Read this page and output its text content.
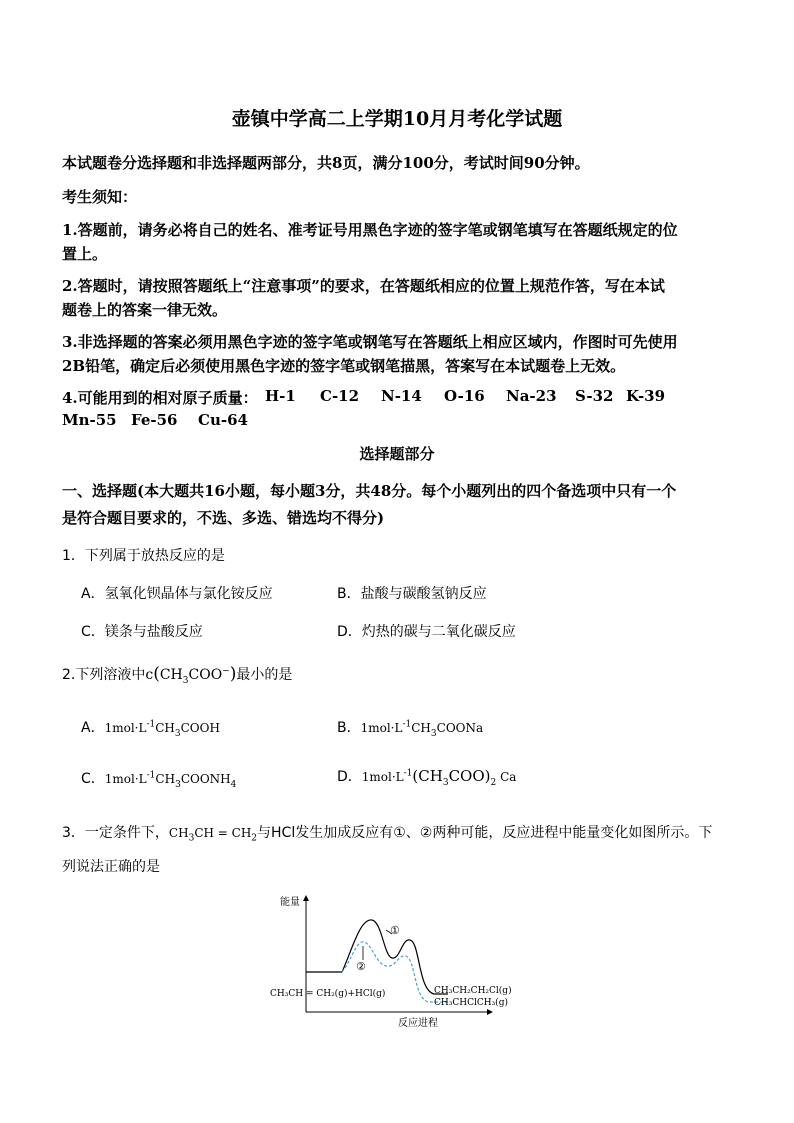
壶镇中学高二上学期10月月考化学试题
本试题卷分选择题和非选择题两部分，共8页，满分100分，考试时间90分钟。
考生须知：
1.答题前，请务必将自己的姓名、准考证号用黑色字迹的签字笔或钢笔填写在答题纸规定的位
置上。
2.答题时，请按照答题纸上“注意事项”的要求，在答题纸相应的位置上规范作答，写在本试
题卷上的答案一律无效。
3.非选择题的答案必须用黑色字迹的签字笔或钢笔写在答题纸上相应区域内，作图时可先使用
2B铅笔，确定后必须使用黑色字迹的签字笔或钢笔描黑，答案写在本试题卷上无效。
4.可能用到的相对原子质量： H-1 C-12 N-14 O-16 Na-23 S-32 K-39
Mn-55 Fe-56 Cu-64
选择题部分
一、选择题(本大题共16小题，每小题3分，共48分。每个小题列出的四个备选项中只有一个
是符合题目要求的，不选、多选、错选均不得分)
1．下列属于放热反应的是
A．氢氧化钡晶体与氯化铵反应	B．盐酸与碳酸氢钠反应
C．镁条与盐酸反应	D．灼热的碳与二氧化碳反应
2.下列溶液中$c(CH_3COO^-)$最小的是
A．$1mol\cdot L^{-1}CH_3COOH$	B．$1mol\cdot L^{-1}CH_3COONa$
C．$1mol\cdot L^{-1}CH_3COONH_4$	D．$1mol\cdot L^{-1}(CH_3COO)_2$ Ca
3．一定条件下，$CH_3CH = CH_2$与HCl发生加成反应有①、②两种可能，反应进程中能量变化如图所示。下
列说法正确的是
能量
反应进程
①
②
CH₃CH = CH₂(g)+HCl(g)	CH₃CH₂CH₂Cl(g)
CH₃CHClCH₃(g)
